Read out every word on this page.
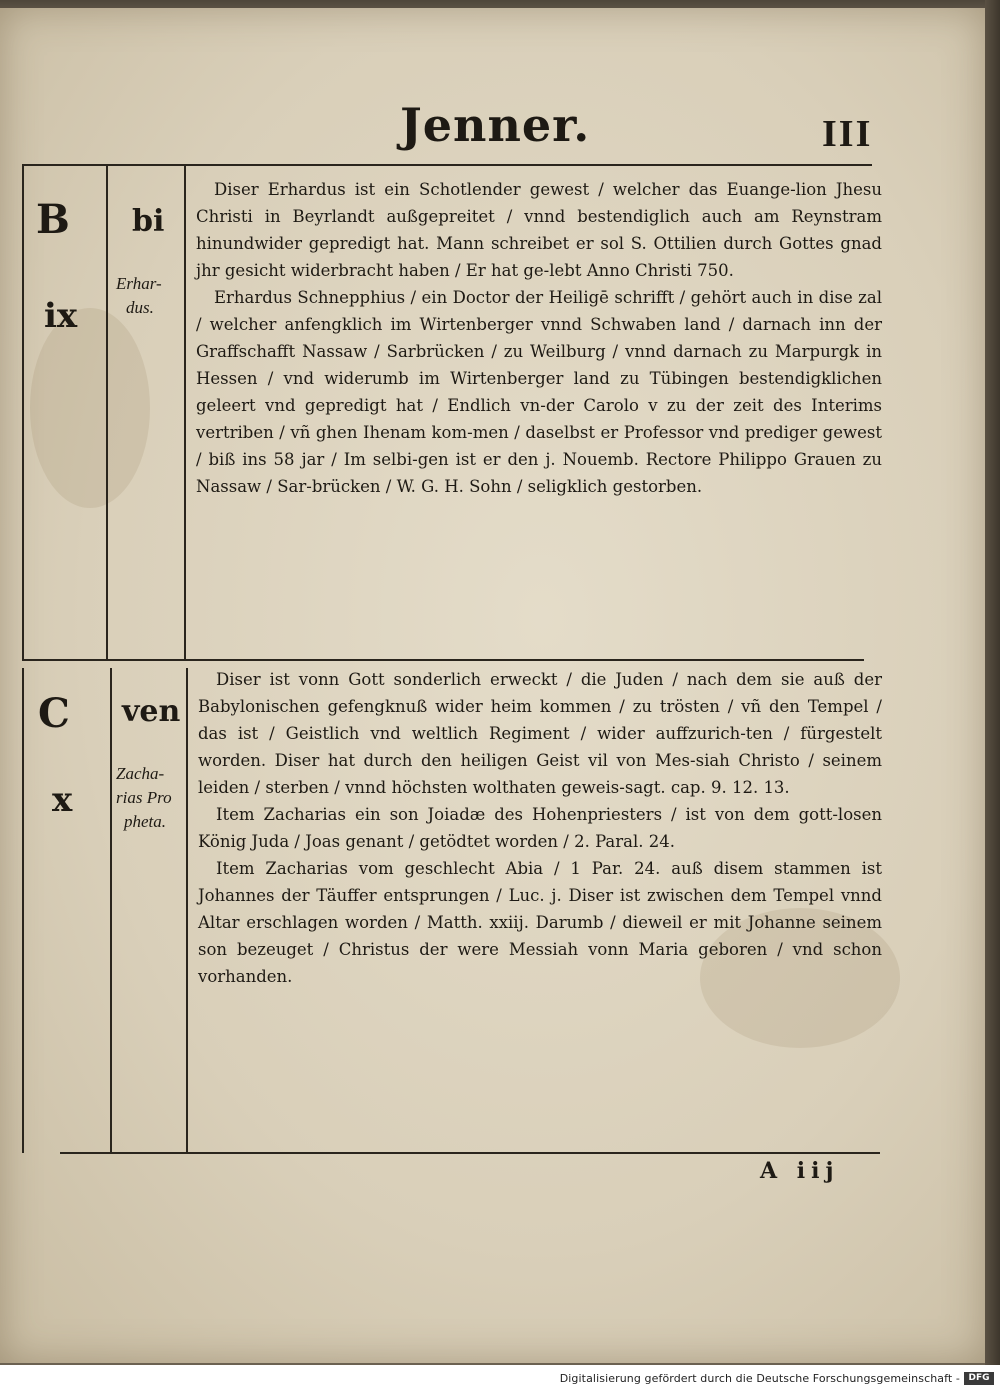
Jenner.	III
B
ix
bi
Erhar-
dus.

Diser Erhardus ist ein Schotlender gewest / welcher das Euange-lion Jhesu Christi in Beyrlandt außgepreitet / vnnd bestendiglich auch am Reynstram hinundwider gepredigt hat. Mann schreibet er sol S. Ottilien durch Gottes gnad jhr gesicht widerbracht haben / Er hat ge-lebt Anno Christi 750.

Erhardus Schnepphius / ein Doctor der Heiligē schrifft / gehört auch in dise zal / welcher anfengklich im Wirtenberger vnnd Schwaben land / darnach inn der Graffschafft Nassaw / Sarbrücken / zu Weilburg / vnnd darnach zu Marpurgk in Hessen / vnd widerumb im Wirtenberger land zu Tübingen bestendigklichen geleert vnd gepredigt hat / Endlich vn-der Carolo v zu der zeit des Interims vertriben / vñ ghen Ihenam kom-men / daselbst er Professor vnd prediger gewest / biß ins 58 jar / Im selbi-gen ist er den j. Nouemb. Rectore Philippo Grauen zu Nassaw / Sar-brücken / W. G. H. Sohn / seligklich gestorben.

C
x
ven
Zacha-
rias Pro
pheta.

Diser ist vonn Gott sonderlich erweckt / die Juden / nach dem sie auß der Babylonischen gefengknuß wider heim kommen / zu trösten / vñ den Tempel / das ist / Geistlich vnd weltlich Regiment / wider auffzurich-ten / fürgestelt worden. Diser hat durch den heiligen Geist vil von Mes-siah Christo / seinem leiden / sterben / vnnd höchsten wolthaten geweis-sagt. cap. 9. 12. 13.

Item Zacharias ein son Joiadæ des Hohenpriesters / ist von dem gott-losen König Juda / Joas genant / getödtet worden / 2. Paral. 24.

Item Zacharias vom geschlecht Abia / 1 Par. 24. auß disem stammen ist Johannes der Täuffer entsprungen / Luc. j. Diser ist zwischen dem Tempel vnnd Altar erschlagen worden / Matth. xxiij. Darumb / dieweil er mit Johanne seinem son bezeuget / Christus der were Messiah vonn Maria geboren / vnd schon vorhanden.

A iij
Digitalisierung gefördert durch die Deutsche Forschungsgemeinschaft - DFG
